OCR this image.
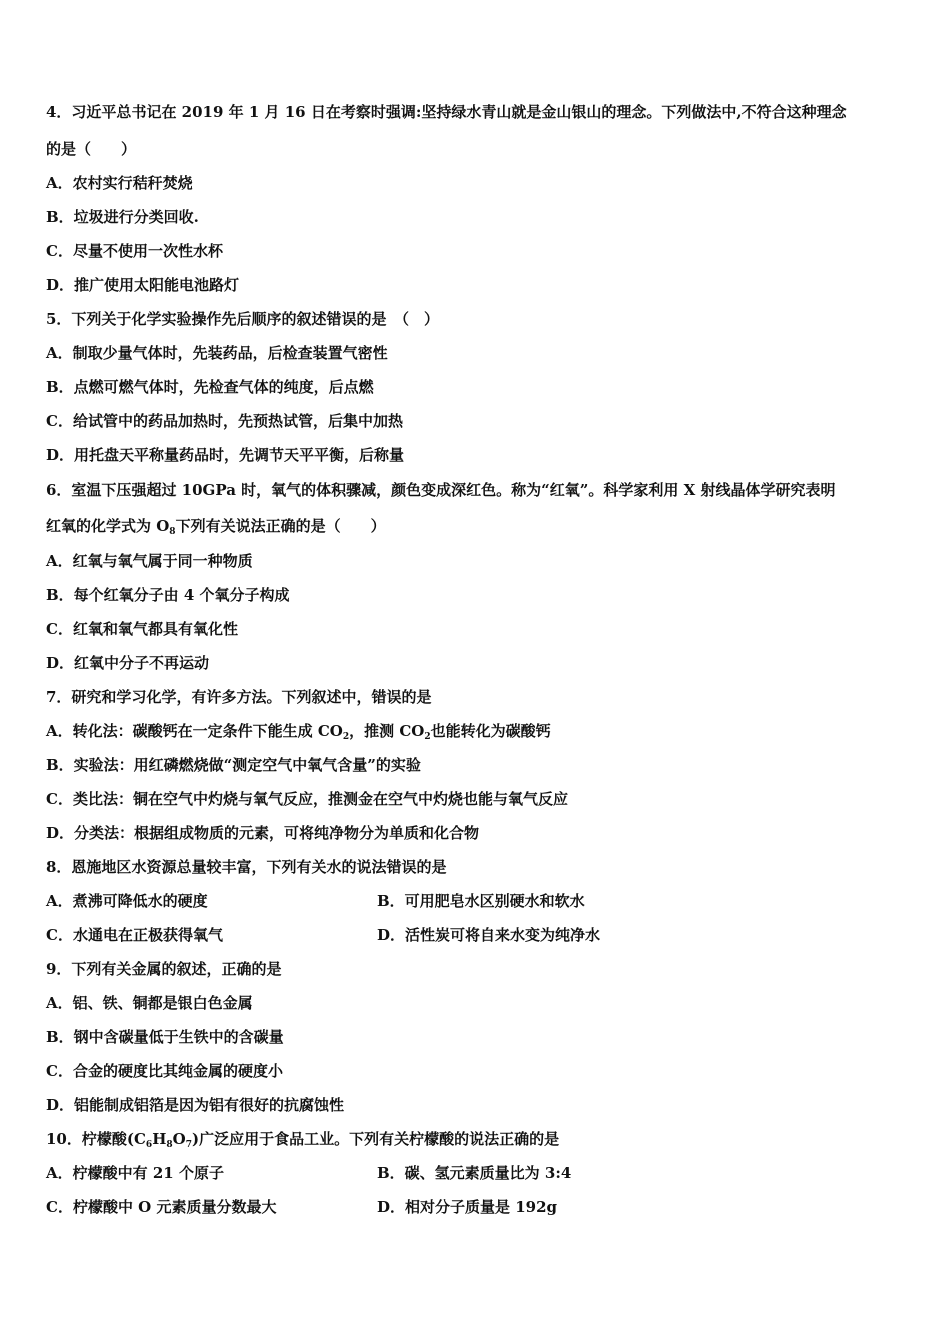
4．习近平总书记在 2019 年 1 月 16 日在考察时强调:坚持绿水青山就是金山银山的理念。下列做法中,不符合这种理念
的是（　　）
A．农村实行秸秆焚烧
B．垃圾进行分类回收.
C．尽量不使用一次性水杯
D．推广使用太阳能电池路灯
5．下列关于化学实验操作先后顺序的叙述错误的是　（　）
A．制取少量气体时，先装药品，后检查装置气密性
B．点燃可燃气体时，先检查气体的纯度，后点燃
C．给试管中的药品加热时，先预热试管，后集中加热
D．用托盘天平称量药品时，先调节天平平衡，后称量
6．室温下压强超过 10GPa 时，氧气的体积骤减，颜色变成深红色。称为“红氧”。科学家利用 X 射线晶体学研究表明
红氧的化学式为 $O_8$下列有关说法正确的是（　　）
A．红氧与氧气属于同一种物质
B．每个红氧分子由 4 个氧分子构成
C．红氧和氧气都具有氧化性
D．红氧中分子不再运动
7．研究和学习化学，有许多方法。下列叙述中，错误的是
A．转化法：碳酸钙在一定条件下能生成 $CO_2$，推测 $CO_2$也能转化为碳酸钙
B．实验法：用红磷燃烧做“测定空气中氧气含量”的实验
C．类比法：铜在空气中灼烧与氧气反应，推测金在空气中灼烧也能与氧气反应
D．分类法：根据组成物质的元素，可将纯净物分为单质和化合物
8．恩施地区水资源总量较丰富，下列有关水的说法错误的是
A．煮沸可降低水的硬度	B．可用肥皂水区别硬水和软水
C．水通电在正极获得氧气	D．活性炭可将自来水变为纯净水
9．下列有关金属的叙述，正确的是
A．铝、铁、铜都是银白色金属
B．钢中含碳量低于生铁中的含碳量
C．合金的硬度比其纯金属的硬度小
D．铝能制成铝箔是因为铝有很好的抗腐蚀性
10．柠檬酸$(C_6H_8O_7)$广泛应用于食品工业。下列有关柠檬酸的说法正确的是
A．柠檬酸中有 21 个原子	B．碳、氢元素质量比为 3:4
C．柠檬酸中 O 元素质量分数最大	D．相对分子质量是 192g
